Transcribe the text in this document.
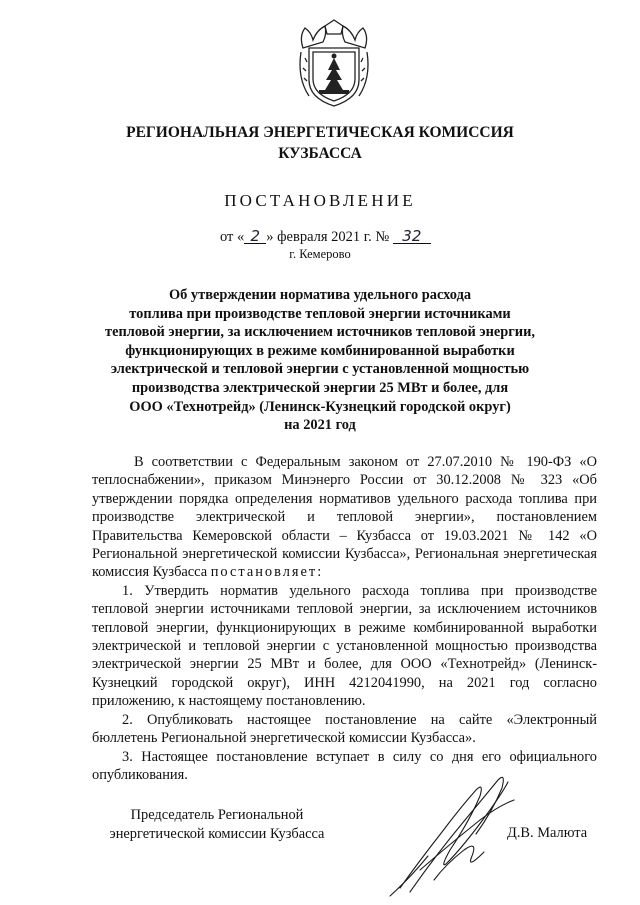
РЕГИОНАЛЬНАЯ ЭНЕРГЕТИЧЕСКАЯ КОМИССИЯ
КУЗБАССА
ПОСТАНОВЛЕНИЕ
от « 2 » февраля 2021 г. № 32
г. Кемерово
Об утверждении норматива удельного расхода
топлива при производстве тепловой энергии источниками
тепловой энергии, за исключением источников тепловой энергии,
функционирующих в режиме комбинированной выработки
электрической и тепловой энергии с установленной мощностью
производства электрической энергии 25 МВт и более, для
ООО «Технотрейд» (Ленинск-Кузнецкий городской округ)
на 2021 год

В соответствии с Федеральным законом от 27.07.2010 № 190-ФЗ «О теплоснабжении», приказом Минэнерго России от 30.12.2008 № 323 «Об утверждении порядка определения нормативов удельного расхода топлива при производстве электрической и тепловой энергии», постановлением Правительства Кемеровской области – Кузбасса от 19.03.2021 № 142 «О Региональной энергетической комиссии Кузбасса», Региональная энергетическая комиссия Кузбасса постановляет:

1. Утвердить норматив удельного расхода топлива при производстве тепловой энергии источниками тепловой энергии, за исключением источников тепловой энергии, функционирующих в режиме комбинированной выработки электрической и тепловой энергии с установленной мощностью производства электрической энергии 25 МВт и более, для ООО «Технотрейд» (Ленинск-Кузнецкий городской округ), ИНН 4212041990, на 2021 год согласно приложению, к настоящему постановлению.

2. Опубликовать настоящее постановление на сайте «Электронный бюллетень Региональной энергетической комиссии Кузбасса».

3. Настоящее постановление вступает в силу со дня его официального опубликования.

Председатель Региональной
энергетической комиссии Кузбасса	Д.В. Малюта
